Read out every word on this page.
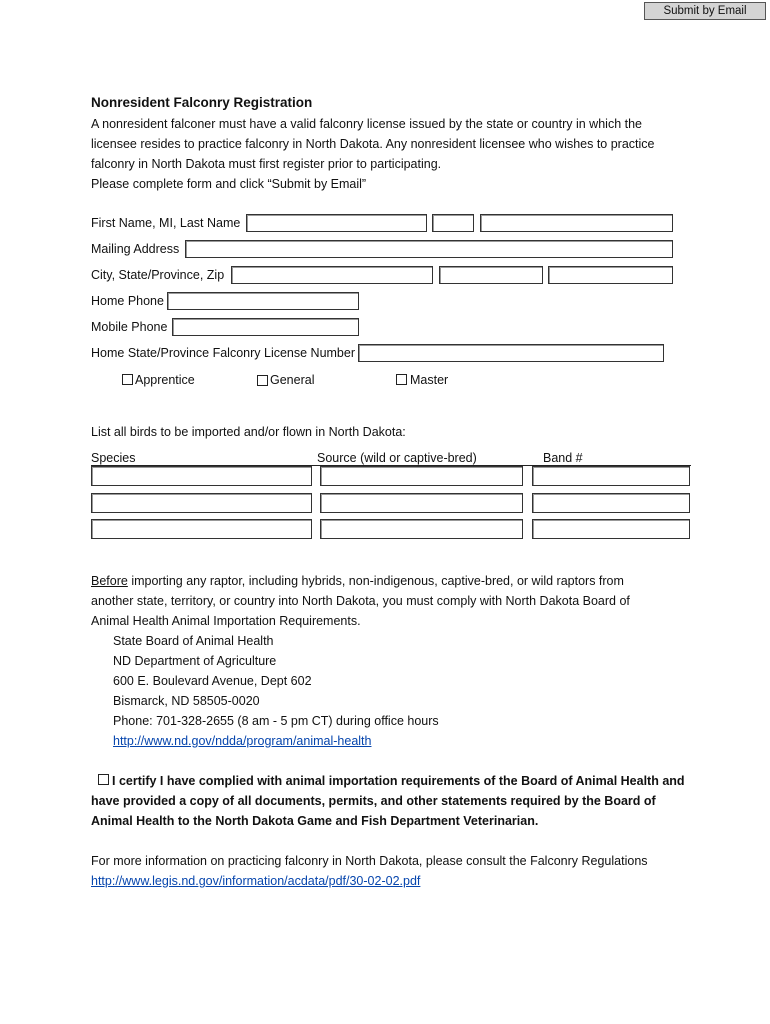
Submit by Email
Nonresident Falconry Registration
A nonresident falconer must have a valid falconry license issued by the state or country in which the
licensee resides to practice falconry in North Dakota. Any nonresident licensee who wishes to practice
falconry in North Dakota must first register prior to participating.
Please complete form and click “Submit by Email”
First Name, MI, Last Name
Mailing Address
City, State/Province, Zip
Home Phone
Mobile Phone
Home State/Province Falconry License Number
Apprentice	General	Master
List all birds to be imported and/or flown in North Dakota:
Species	Source (wild or captive-bred)	Band #
Before importing any raptor, including hybrids, non-indigenous, captive-bred, or wild raptors from
another state, territory, or country into North Dakota, you must comply with North Dakota Board of
Animal Health Animal Importation Requirements.
State Board of Animal Health
ND Department of Agriculture
600 E. Boulevard Avenue, Dept 602
Bismarck, ND 58505-0020
Phone: 701-328-2655 (8 am - 5 pm CT) during office hours
http://www.nd.gov/ndda/program/animal-health
I certify I have complied with animal importation requirements of the Board of Animal Health and
have provided a copy of all documents, permits, and other statements required by the Board of
Animal Health to the North Dakota Game and Fish Department Veterinarian.
For more information on practicing falconry in North Dakota, please consult the Falconry Regulations
http://www.legis.nd.gov/information/acdata/pdf/30-02-02.pdf
